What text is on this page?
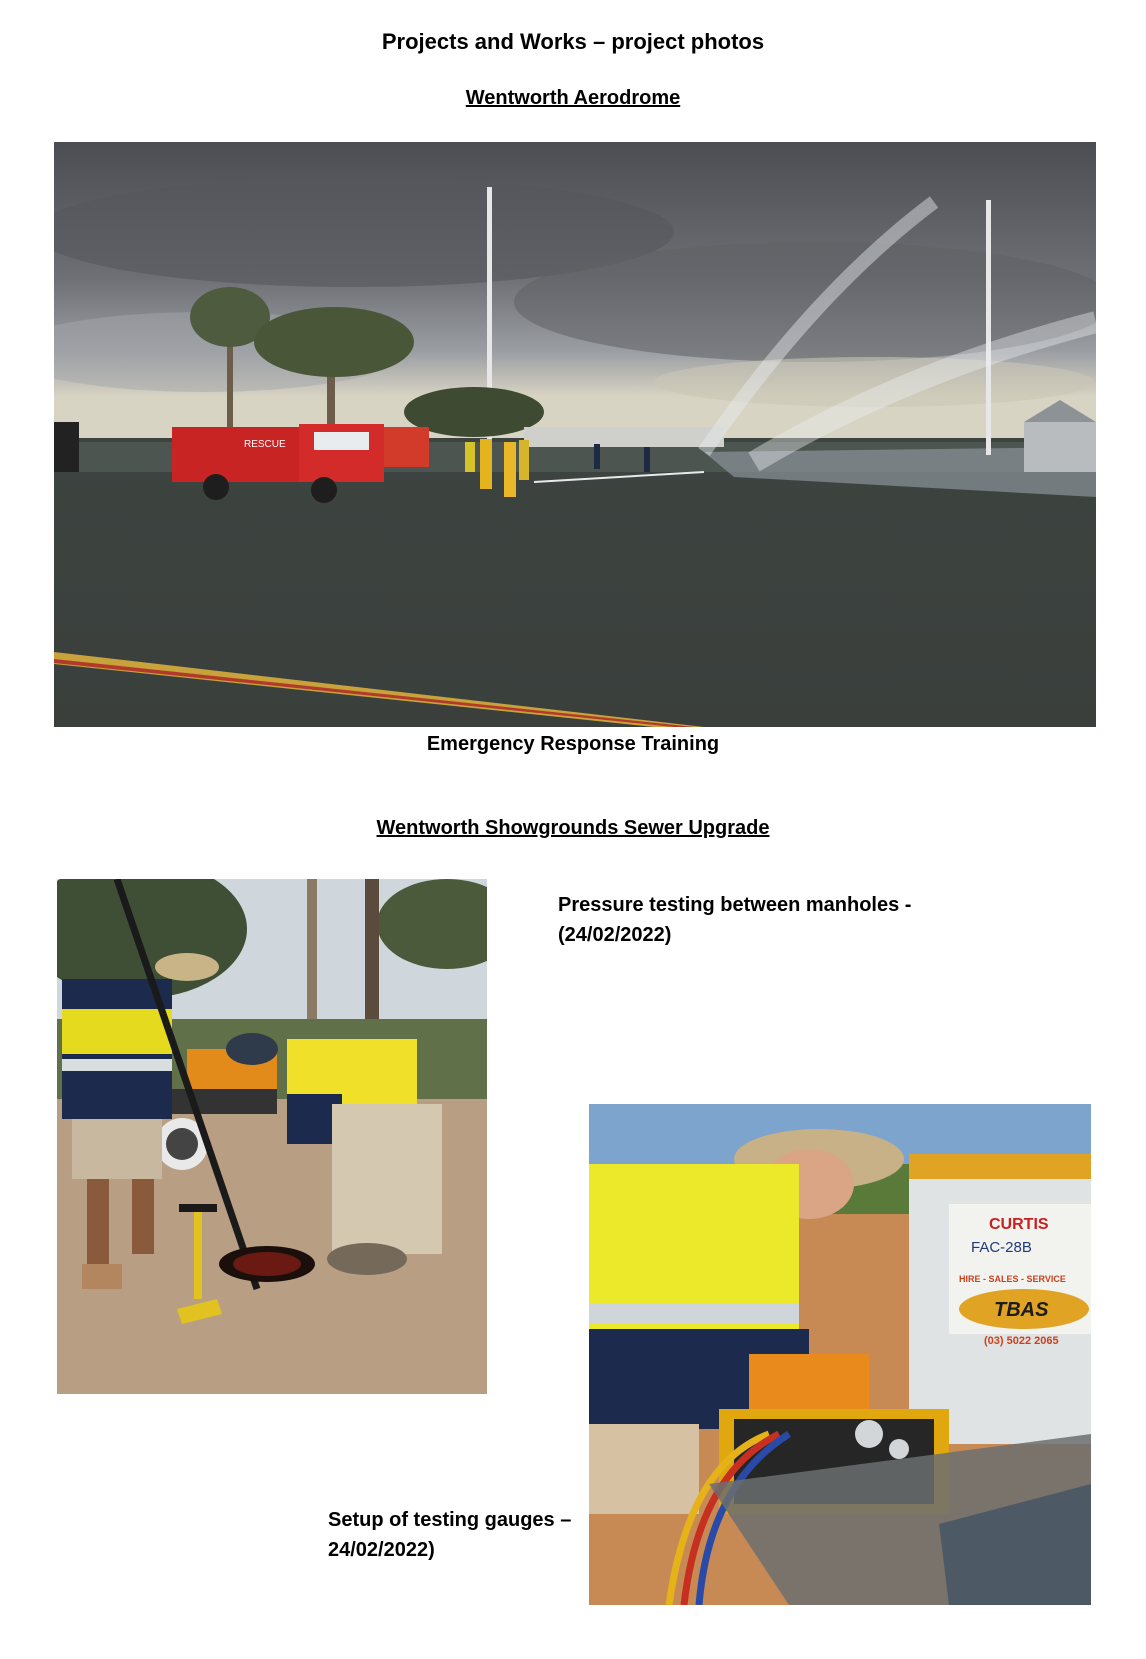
Projects and Works – project photos
Wentworth Aerodrome
RESCUE
Emergency Response Training
Wentworth Showgrounds Sewer Upgrade
Pressure testing between manholes - (24/02/2022)
CURTIS
FAC-28B
HIRE - SALES - SERVICE
TBAS
(03) 5022 2065
Setup of testing gauges – 24/02/2022)
